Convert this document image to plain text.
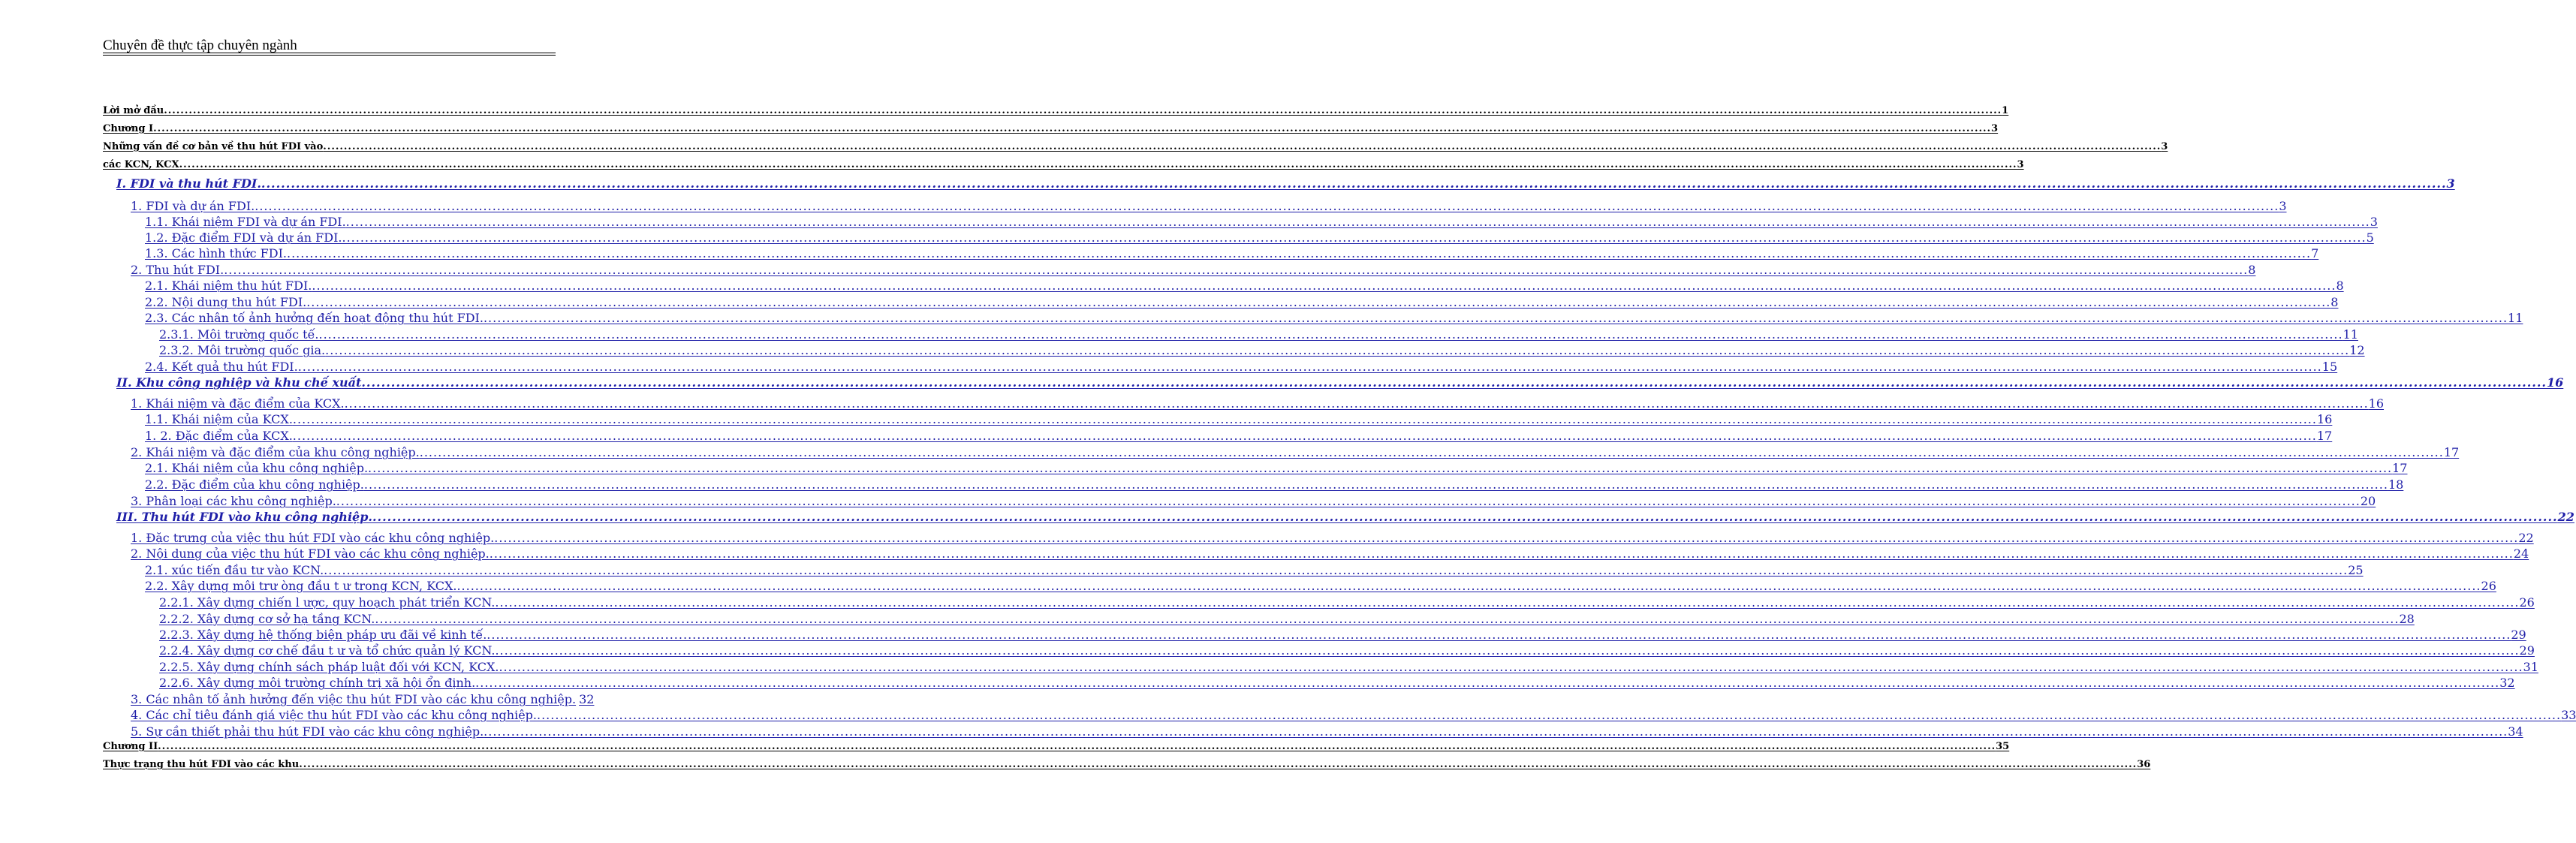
Chuyên đề thực tập chuyên ngành
Lời mở đầu .....	1
Chương I .....	3
Những vấn đề cơ bản về thu hút FDI vào .....	3
các KCN, KCX .....	3
I. FDI và thu hút FDI. .....	3
1. FDI và dự án FDI. .....	3
1.1. Khái niệm FDI và dự án FDI. .....	3
1.2. Đặc điểm FDI và dự án FDI. .....	5
1.3. Các hình thức FDI. .....	7
2. Thu hút FDI. .....	8
2.1. Khái niệm thu hút FDI. .....	8
2.2. Nội dung thu hút FDI. .....	8
2.3. Các nhân tố ảnh hưởng đến hoạt động thu hút FDI. .....	11
2.3.1. Môi trường quốc tế. .....	11
2.3.2. Môi trường quốc gia. .....	12
2.4. Kết quả thu hút FDI. .....	15
II. Khu công nghiệp và khu chế xuất .....	16
1. Khái niệm và đặc điểm của KCX. .....	16
1.1. Khái niệm của KCX. .....	16
1. 2. Đặc điểm của KCX. .....	17
2. Khái niệm và đặc điểm của khu công nghiệp. .....	17
2.1. Khái niệm của khu công nghiệp. .....	17
2.2. Đặc điểm của khu công nghiệp. .....	18
3. Phân loại các khu công nghiệp. .....	20
III. Thu hút FDI vào khu công nghiệp. .....	22
1. Đặc trưng của việc thu hút FDI vào các khu công nghiệp. .....	22
2. Nội dung của việc thu hút FDI vào các khu công nghiệp. .....	24
2.1. xúc tiến đầu tư vào KCN. .....	25
2.2. Xây dựng môi trư òng đầu t ư trong KCN, KCX. .....	26
2.2.1. Xây dựng chiến l ược, quy hoạch phát triển KCN. .....	26
2.2.2. Xây dựng cơ sở hạ tầng KCN. .....	28
2.2.3. Xây dựng hệ thống biện pháp ưu đãi về kinh tế. .....	29
2.2.4. Xây dựng cơ chế đầu t ư và tổ chức quản lý KCN. .....	29
2.2.5. Xây dựng chính sách pháp luật đối với KCN, KCX. .....	31
2.2.6. Xây dựng môi trường chính trị xã hội ổn định. .....	32
3. Các nhân tố ảnh hưởng đến việc thu hút FDI vào các khu công nghiệp. 32
4. Các chỉ tiêu đánh giá việc thu hút FDI vào các khu công nghiệp. .....	33
5. Sự cần thiết phải thu hút FDI vào các khu công nghiệp. .....	34
Chương II .....	35
Thực trạng thu hút FDI vào các khu .....	36
